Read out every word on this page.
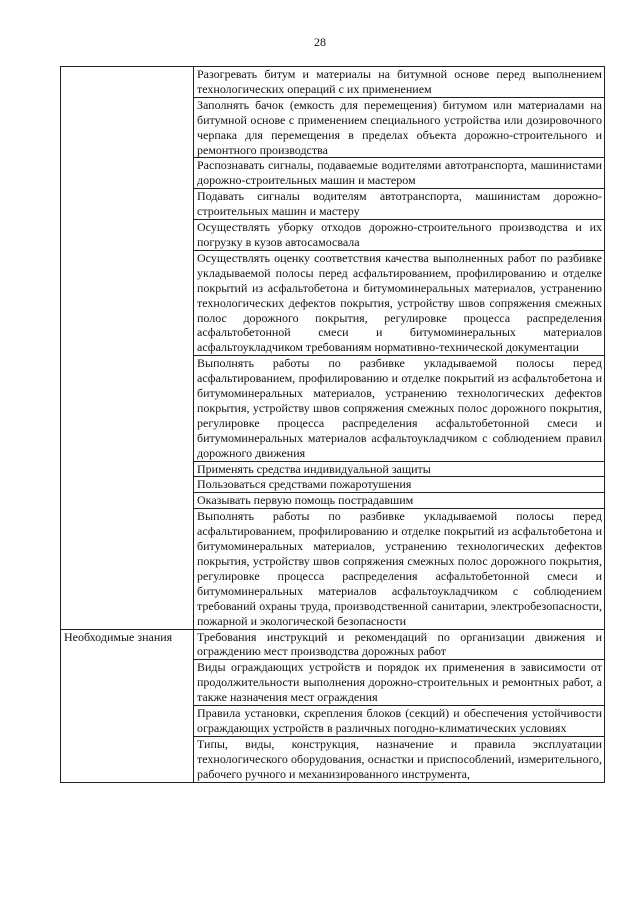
28
	Разогревать битум и материалы на битумной основе перед выполнением технологических операций с их применением
	Заполнять бачок (емкость для перемещения) битумом или материалами на битумной основе с применением специального устройства или дозировочного черпака для перемещения в пределах объекта дорожно-строительного и ремонтного производства
	Распознавать сигналы, подаваемые водителями автотранспорта, машинистами дорожно-строительных машин и мастером
	Подавать сигналы водителям автотранспорта, машинистам дорожно-строительных машин и мастеру
	Осуществлять уборку отходов дорожно-строительного производства и их погрузку в кузов автосамосвала
	Осуществлять оценку соответствия качества выполненных работ по разбивке укладываемой полосы перед асфальтированием, профилированию и отделке покрытий из асфальтобетона и битумоминеральных материалов, устранению технологических дефектов покрытия, устройству швов сопряжения смежных полос дорожного покрытия, регулировке процесса распределения асфальтобетонной смеси и битумоминеральных материалов асфальтоукладчиком требованиям нормативно-технической документации
	Выполнять работы по разбивке укладываемой полосы перед асфальтированием, профилированию и отделке покрытий из асфальтобетона и битумоминеральных материалов, устранению технологических дефектов покрытия, устройству швов сопряжения смежных полос дорожного покрытия, регулировке процесса распределения асфальтобетонной смеси и битумоминеральных материалов асфальтоукладчиком с соблюдением правил дорожного движения
	Применять средства индивидуальной защиты
	Пользоваться средствами пожаротушения
	Оказывать первую помощь пострадавшим
	Выполнять работы по разбивке укладываемой полосы перед асфальтированием, профилированию и отделке покрытий из асфальтобетона и битумоминеральных материалов, устранению технологических дефектов покрытия, устройству швов сопряжения смежных полос дорожного покрытия, регулировке процесса распределения асфальтобетонной смеси и битумоминеральных материалов асфальтоукладчиком с соблюдением требований охраны труда, производственной санитарии, электробезопасности, пожарной и экологической безопасности
Необходимые знания	Требования инструкций и рекомендаций по организации движения и ограждению мест производства дорожных работ
	Виды ограждающих устройств и порядок их применения в зависимости от продолжительности выполнения дорожно-строительных и ремонтных работ, а также назначения мест ограждения
	Правила установки, скрепления блоков (секций) и обеспечения устойчивости ограждающих устройств в различных погодно-климатических условиях
	Типы, виды, конструкция, назначение и правила эксплуатации технологического оборудования, оснастки и приспособлений, измерительного, рабочего ручного и механизированного инструмента,
